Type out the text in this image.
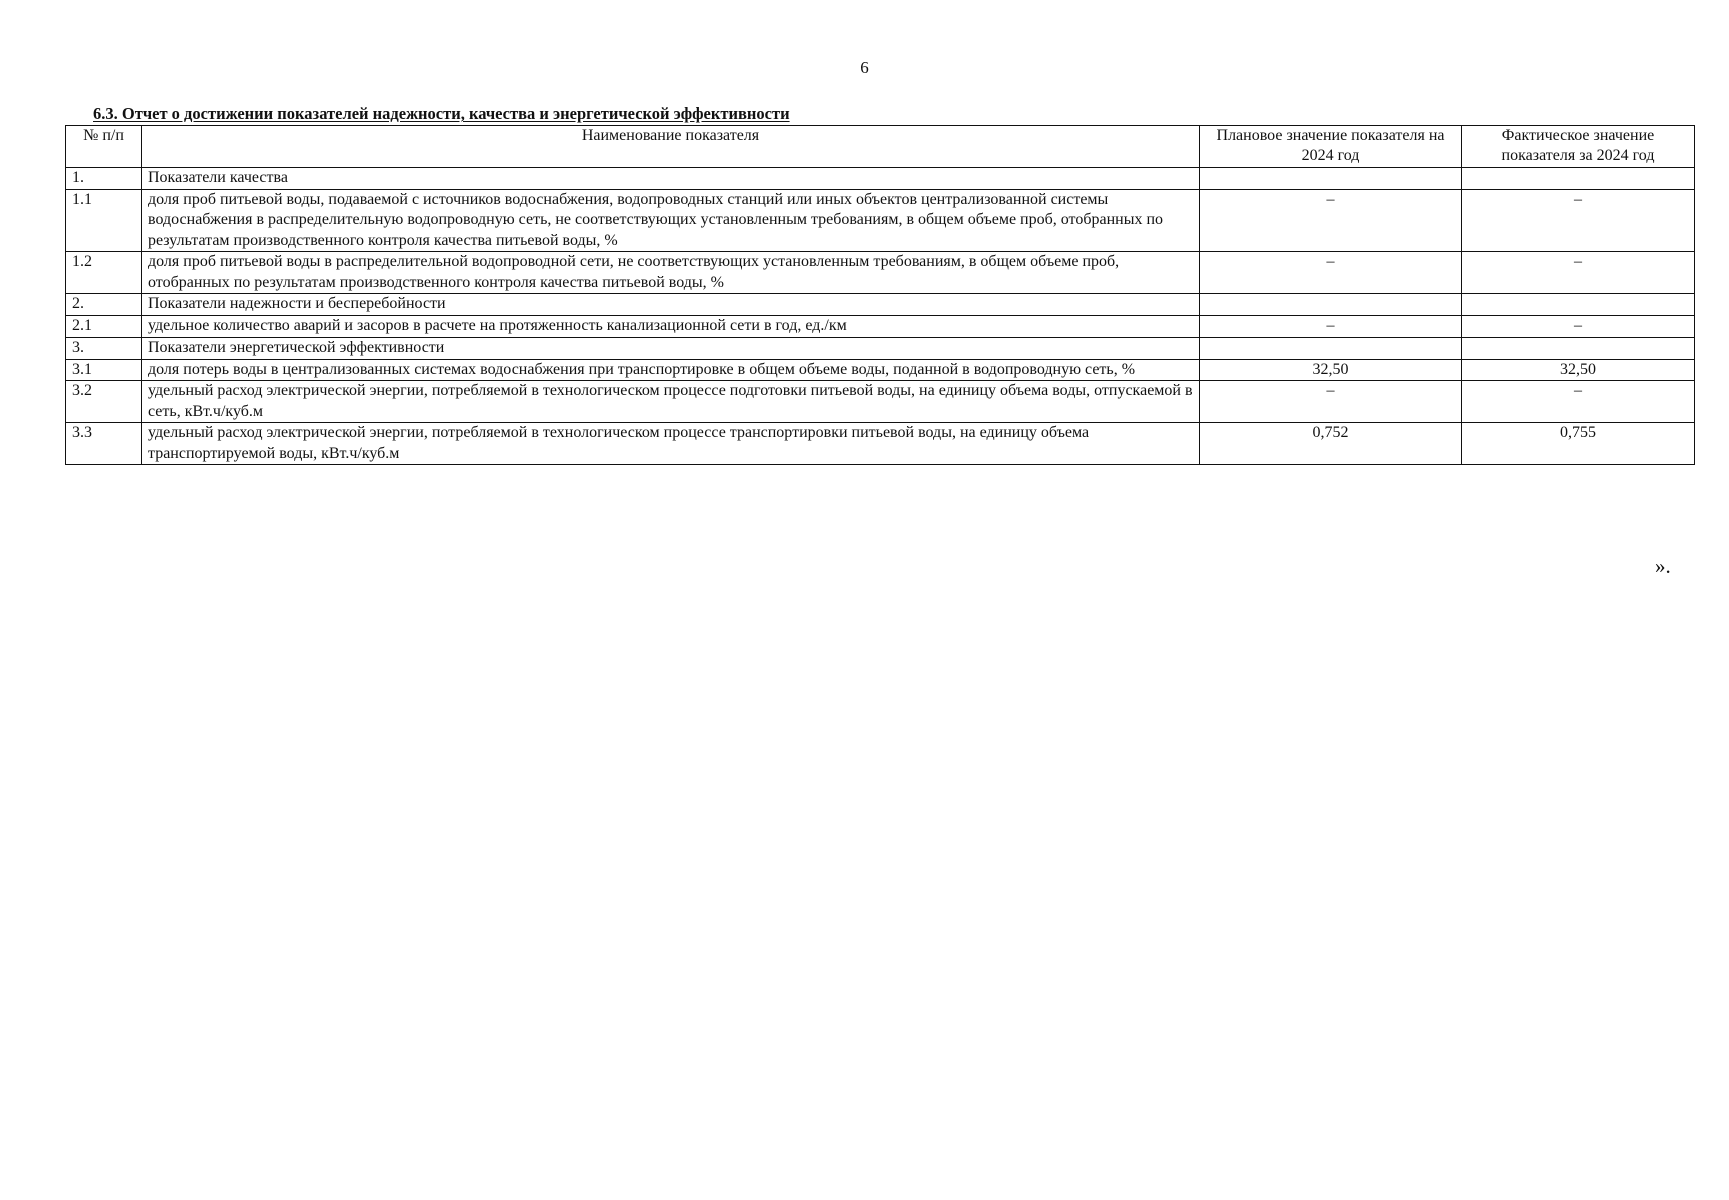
6
6.3. Отчет о достижении показателей надежности, качества и энергетической эффективности
№ п/п	Наименование показателя	Плановое значение показателя на 2024 год	Фактическое значение показателя за 2024 год
1.	Показатели качества		
1.1	доля проб питьевой воды, подаваемой с источников водоснабжения, водопроводных станций или иных объектов централизованной системы водоснабжения в распределительную водопроводную сеть, не соответствующих установленным требованиям, в общем объеме проб, отобранных по результатам производственного контроля качества питьевой воды, %	–	–
1.2	доля проб питьевой воды в распределительной водопроводной сети, не соответствующих установленным требованиям, в общем объеме проб, отобранных по результатам производственного контроля качества питьевой воды, %	–	–
2.	Показатели надежности и бесперебойности		
2.1	удельное количество аварий и засоров в расчете на протяженность канализационной сети в год, ед./км	–	–
3.	Показатели энергетической эффективности		
3.1	доля потерь воды в централизованных системах водоснабжения при транспортировке в общем объеме воды, поданной в водопроводную сеть, %	32,50	32,50
3.2	удельный расход электрической энергии, потребляемой в технологическом процессе подготовки питьевой воды, на единицу объема воды, отпускаемой в сеть, кВт.ч/куб.м	–	–
3.3	удельный расход электрической энергии, потребляемой в технологическом процессе транспортировки питьевой воды, на единицу объема транспортируемой воды, кВт.ч/куб.м	0,752	0,755
».
